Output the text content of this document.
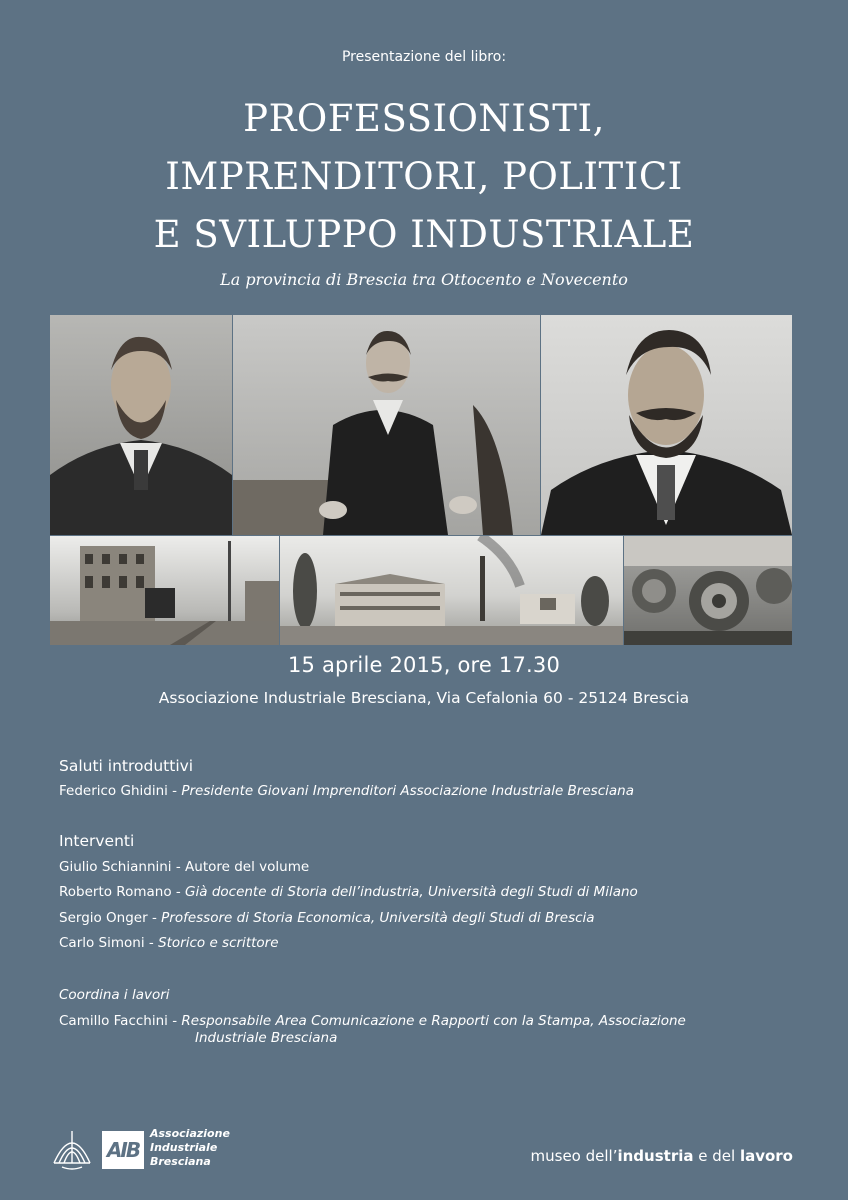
Presentazione del libro:
PROFESSIONISTI,
IMPRENDITORI, POLITICI
E SVILUPPO INDUSTRIALE
La provincia di Brescia tra Ottocento e Novecento
15 aprile 2015, ore 17.30
Associazione Industriale Bresciana, Via Cefalonia 60 - 25124 Brescia
Saluti introduttivi
Federico Ghidini - Presidente Giovani Imprenditori Associazione Industriale Bresciana
Interventi
Giulio Schiannini - Autore del volume
Roberto Romano - Già docente di Storia dell’industria, Università degli Studi di Milano
Sergio Onger - Professore di Storia Economica, Università degli Studi di Brescia
Carlo Simoni - Storico e scrittore
Coordina i lavori
Camillo Facchini - Responsabile Area Comunicazione e Rapporti con la Stampa, Associazione
Industriale Bresciana
AIB
Associazione
Industriale
Bresciana	museo dell’industria e del lavoro
